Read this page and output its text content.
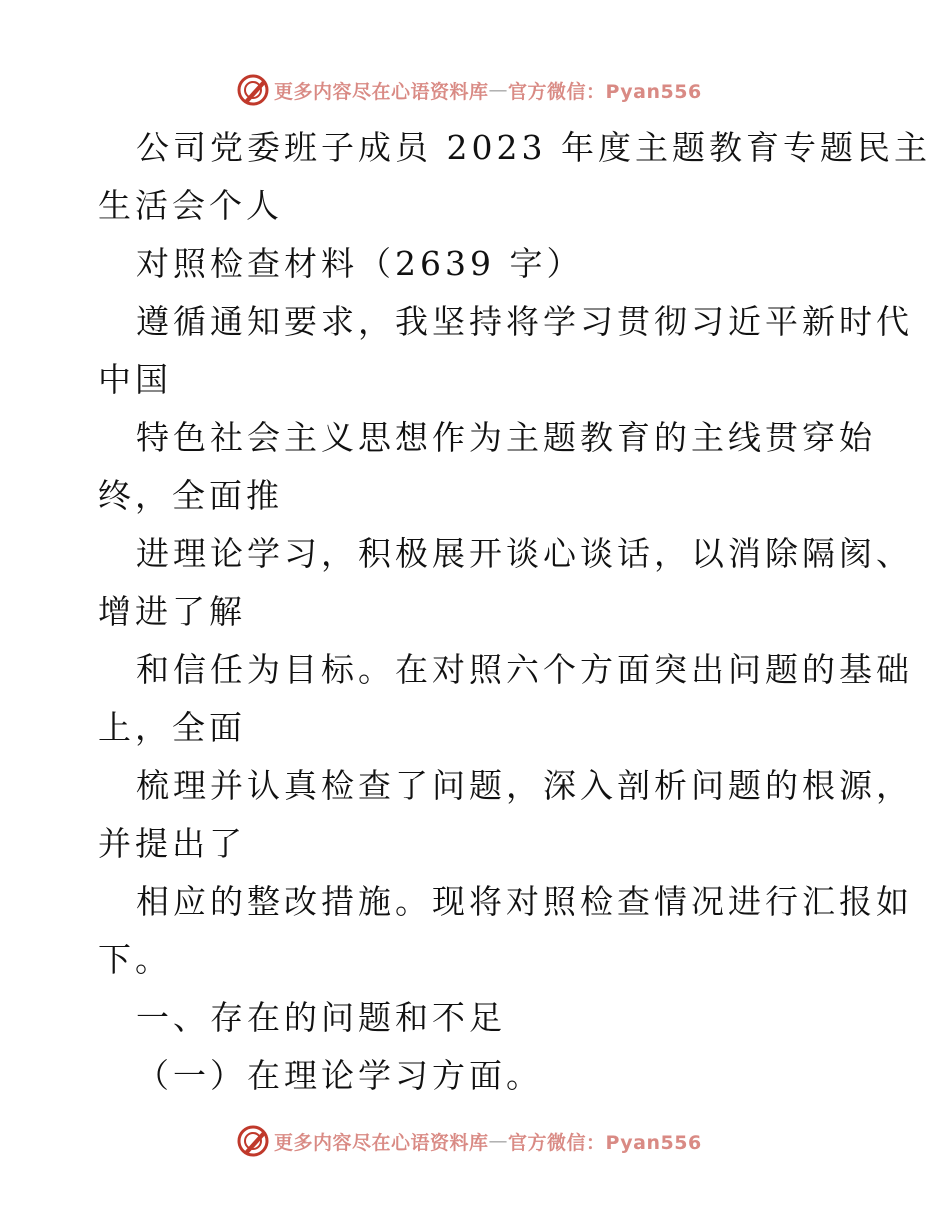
更多内容尽在心语资料库 — 官方微信：Pyan556
公司党委班子成员 2023 年度主题教育专题民主
生活会个人
对照检查材料（2639 字）
遵循通知要求，我坚持将学习贯彻习近平新时代
中国
特色社会主义思想作为主题教育的主线贯穿始
终，全面推
进理论学习，积极展开谈心谈话，以消除隔阂、
增进了解
和信任为目标。在对照六个方面突出问题的基础
上，全面
梳理并认真检查了问题，深入剖析问题的根源，
并提出了
相应的整改措施。现将对照检查情况进行汇报如
下。
一、存在的问题和不足
（一）在理论学习方面。
更多内容尽在心语资料库 — 官方微信：Pyan556
